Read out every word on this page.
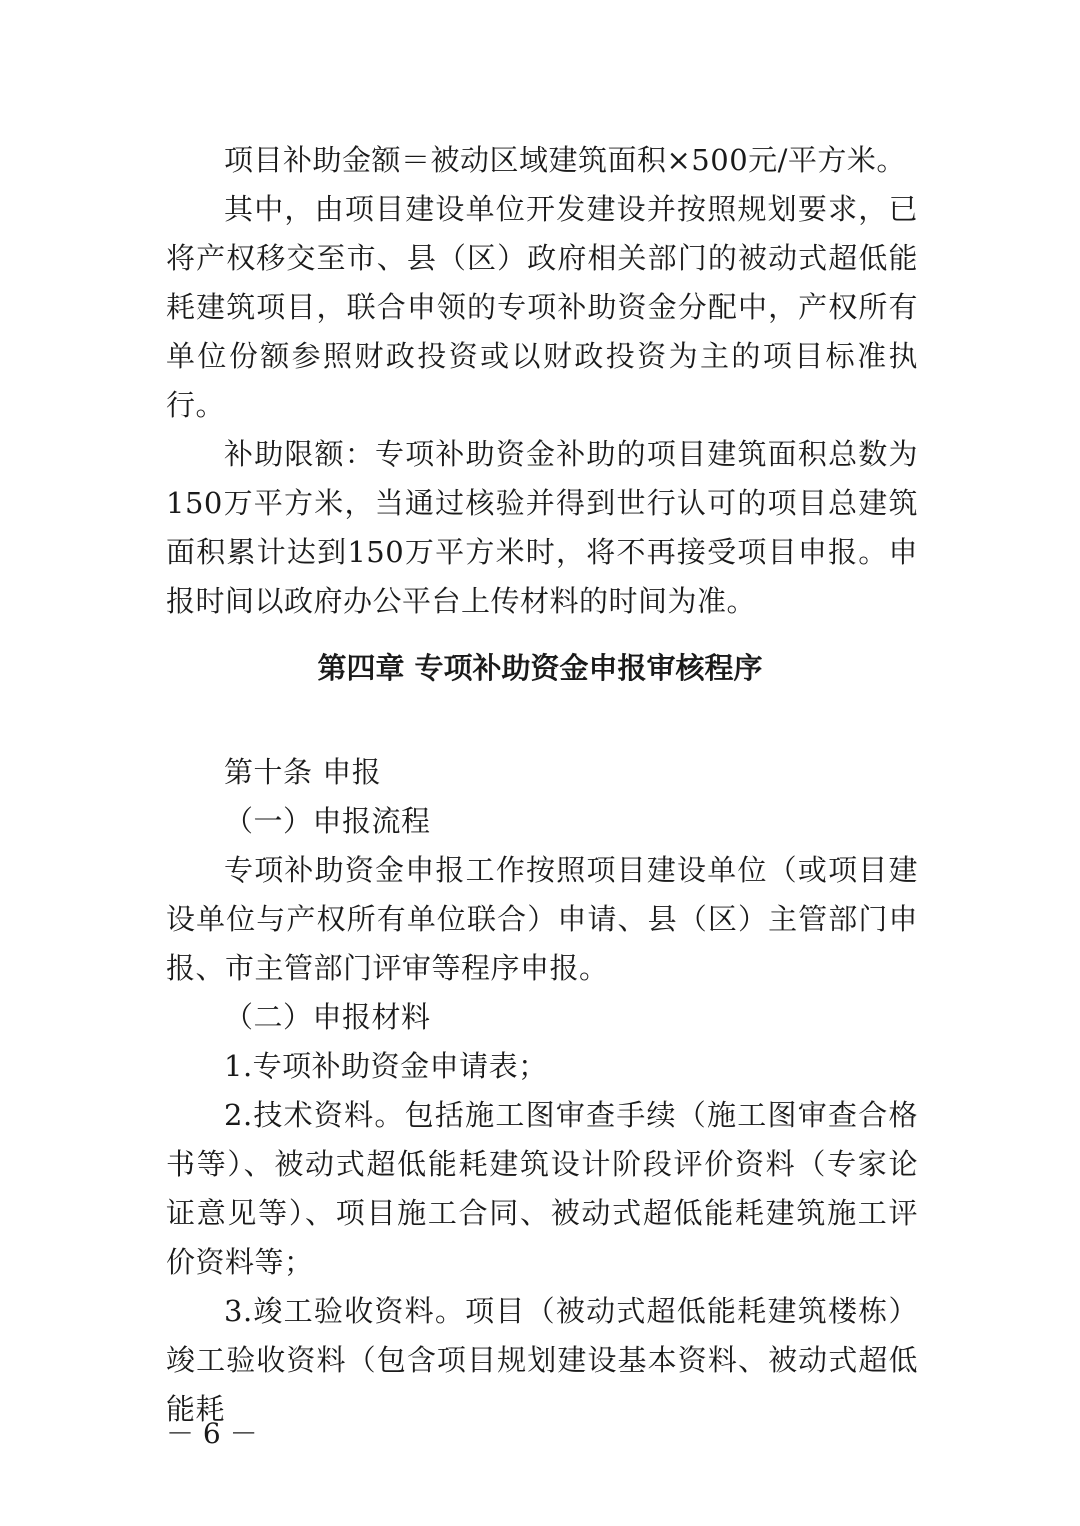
项目补助金额＝被动区域建筑面积×500元/平方米。

其中，由项目建设单位开发建设并按照规划要求，已将产权移交至市、县（区）政府相关部门的被动式超低能耗建筑项目，联合申领的专项补助资金分配中，产权所有单位份额参照财政投资或以财政投资为主的项目标准执行。

补助限额：专项补助资金补助的项目建筑面积总数为150万平方米，当通过核验并得到世行认可的项目总建筑面积累计达到150万平方米时，将不再接受项目申报。申报时间以政府办公平台上传材料的时间为准。

第四章 专项补助资金申报审核程序

第十条 申报

（一）申报流程

专项补助资金申报工作按照项目建设单位（或项目建设单位与产权所有单位联合）申请、县（区）主管部门申报、市主管部门评审等程序申报。

（二）申报材料

1.专项补助资金申请表；

2.技术资料。包括施工图审查手续（施工图审查合格书等）、被动式超低能耗建筑设计阶段评价资料（专家论证意见等）、项目施工合同、被动式超低能耗建筑施工评价资料等；

3.竣工验收资料。项目（被动式超低能耗建筑楼栋）竣工验收资料（包含项目规划建设基本资料、被动式超低能耗

－ 6 －
